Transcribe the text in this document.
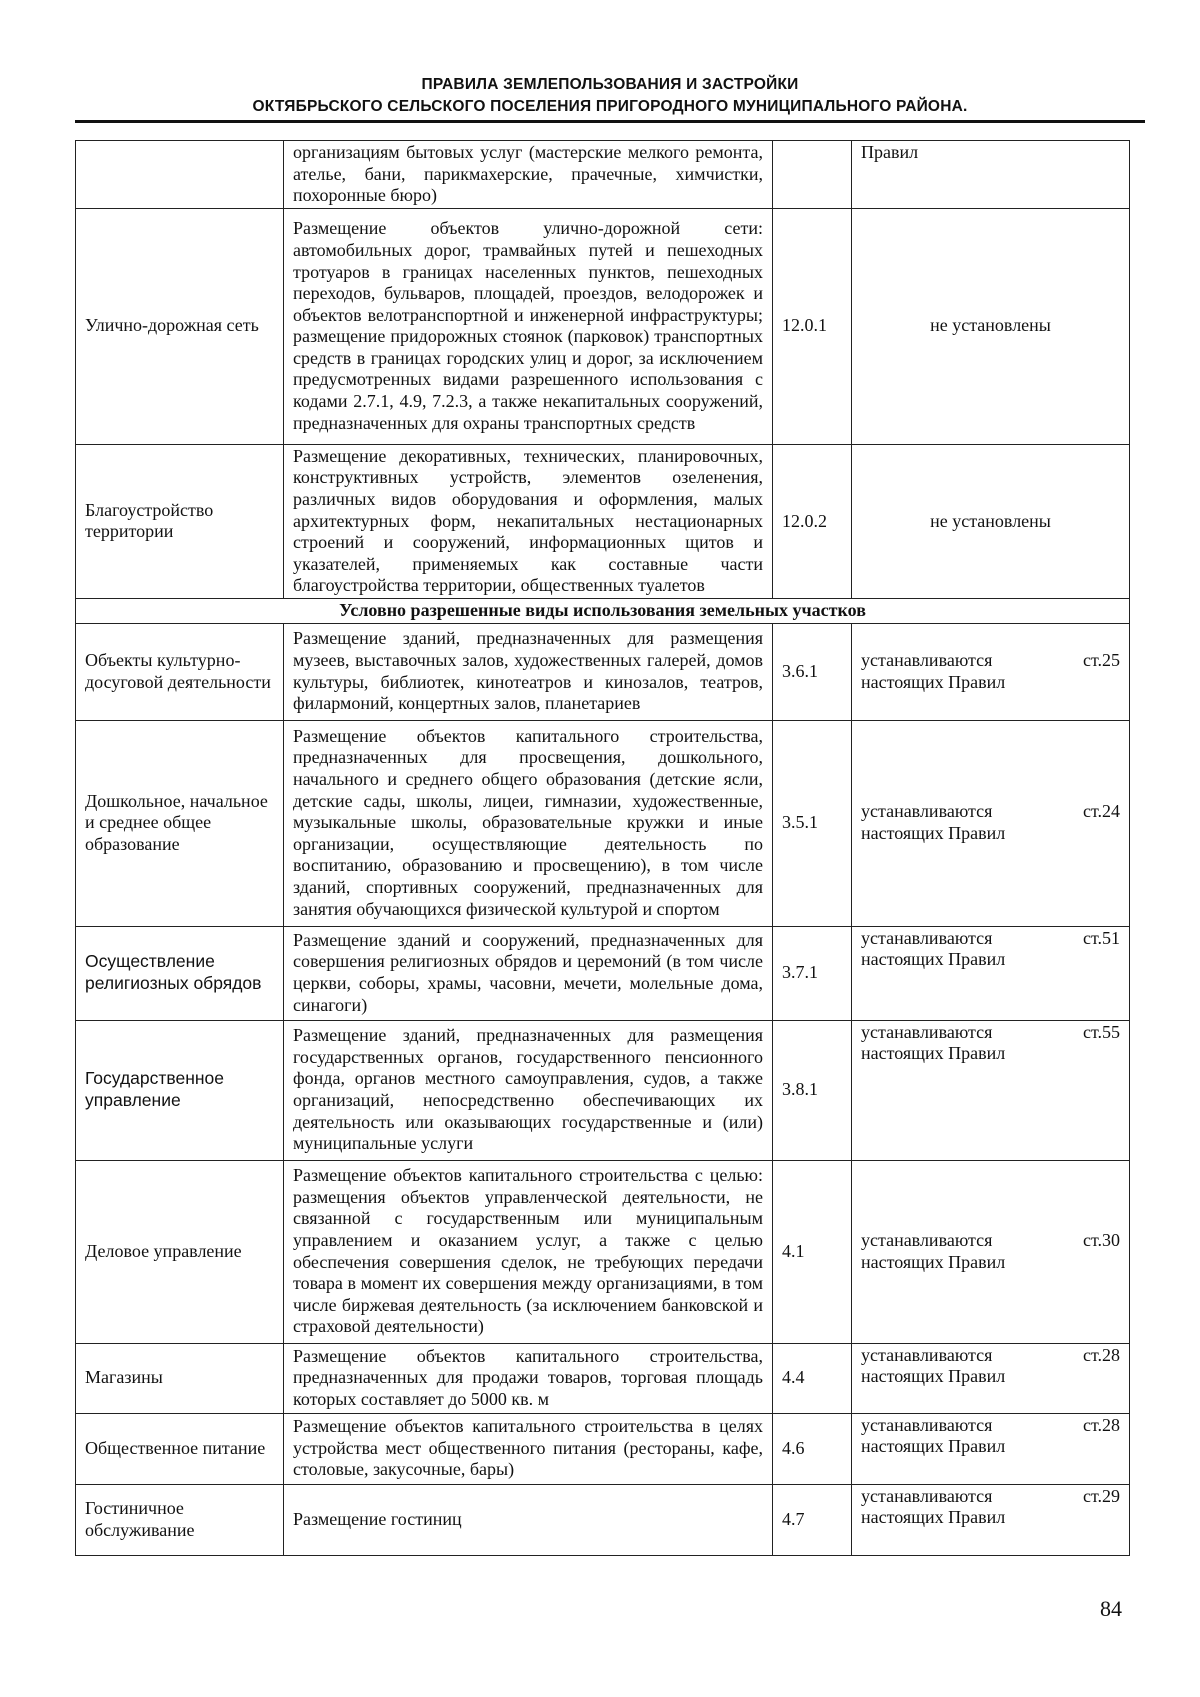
ПРАВИЛА ЗЕМЛЕПОЛЬЗОВАНИЯ И ЗАСТРОЙКИ
ОКТЯБРЬСКОГО СЕЛЬСКОГО ПОСЕЛЕНИЯ ПРИГОРОДНОГО МУНИЦИПАЛЬНОГО РАЙОНА.
	организациям бытовых услуг (мастерские мелкого ремонта, ателье, бани, парикмахерские, прачечные, химчистки, похоронные бюро)		Правил
Улично-дорожная сеть	Размещение объектов улично-дорожной сети: автомобильных дорог, трамвайных путей и пешеходных тротуаров в границах населенных пунктов, пешеходных переходов, бульваров, площадей, проездов, велодорожек и объектов велотранспортной и инженерной инфраструктуры; размещение придорожных стоянок (парковок) транспортных средств в границах городских улиц и дорог, за исключением предусмотренных видами разрешенного использования с кодами 2.7.1, 4.9, 7.2.3, а также некапитальных сооружений, предназначенных для охраны транспортных средств	12.0.1	не установлены
Благоустройство территории	Размещение декоративных, технических, планировочных, конструктивных устройств, элементов озеленения, различных видов оборудования и оформления, малых архитектурных форм, некапитальных нестационарных строений и сооружений, информационных щитов и указателей, применяемых как составные части благоустройства территории, общественных туалетов	12.0.2	не установлены
Условно разрешенные виды использования земельных участков			
Объекты культурно-досуговой деятельности	Размещение зданий, предназначенных для размещения музеев, выставочных залов, художественных галерей, домов культуры, библиотек, кинотеатров и кинозалов, театров, филармоний, концертных залов, планетариев	3.6.1	устанавливаются ст.25 настоящих Правил
Дошкольное, начальное и среднее общее образование	Размещение объектов капитального строительства, предназначенных для просвещения, дошкольного, начального и среднего общего образования (детские ясли, детские сады, школы, лицеи, гимназии, художественные, музыкальные школы, образовательные кружки и иные организации, осуществляющие деятельность по воспитанию, образованию и просвещению), в том числе зданий, спортивных сооружений, предназначенных для занятия обучающихся физической культурой и спортом	3.5.1	устанавливаются ст.24 настоящих Правил
Осуществление религиозных обрядов	Размещение зданий и сооружений, предназначенных для совершения религиозных обрядов и церемоний (в том числе церкви, соборы, храмы, часовни, мечети, молельные дома, синагоги)	3.7.1	устанавливаются ст.51 настоящих Правил
Государственное управление	Размещение зданий, предназначенных для размещения государственных органов, государственного пенсионного фонда, органов местного самоуправления, судов, а также организаций, непосредственно обеспечивающих их деятельность или оказывающих государственные и (или) муниципальные услуги	3.8.1	устанавливаются ст.55 настоящих Правил
Деловое управление	Размещение объектов капитального строительства с целью: размещения объектов управленческой деятельности, не связанной с государственным или муниципальным управлением и оказанием услуг, а также с целью обеспечения совершения сделок, не требующих передачи товара в момент их совершения между организациями, в том числе биржевая деятельность (за исключением банковской и страховой деятельности)	4.1	устанавливаются ст.30 настоящих Правил
Магазины	Размещение объектов капитального строительства, предназначенных для продажи товаров, торговая площадь которых составляет до 5000 кв. м	4.4	устанавливаются ст.28 настоящих Правил
Общественное питание	Размещение объектов капитального строительства в целях устройства мест общественного питания (рестораны, кафе, столовые, закусочные, бары)	4.6	устанавливаются ст.28 настоящих Правил
Гостиничное обслуживание	Размещение гостиниц	4.7	устанавливаются ст.29 настоящих Правил
84
